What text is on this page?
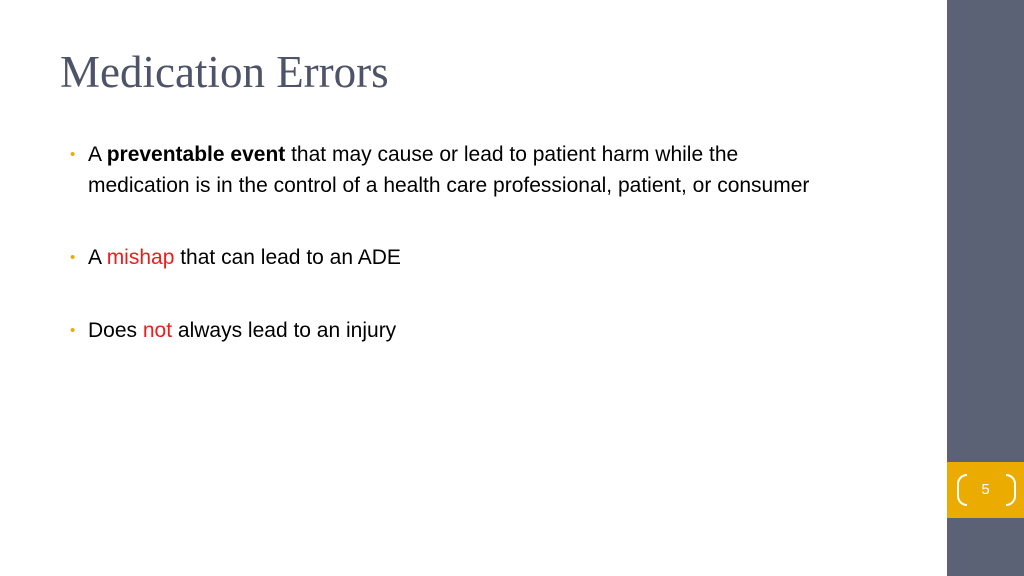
Medication Errors
• A preventable event that may cause or lead to patient harm while the medication is in the control of a health care professional, patient, or consumer
• A mishap that can lead to an ADE
• Does not always lead to an injury
5
